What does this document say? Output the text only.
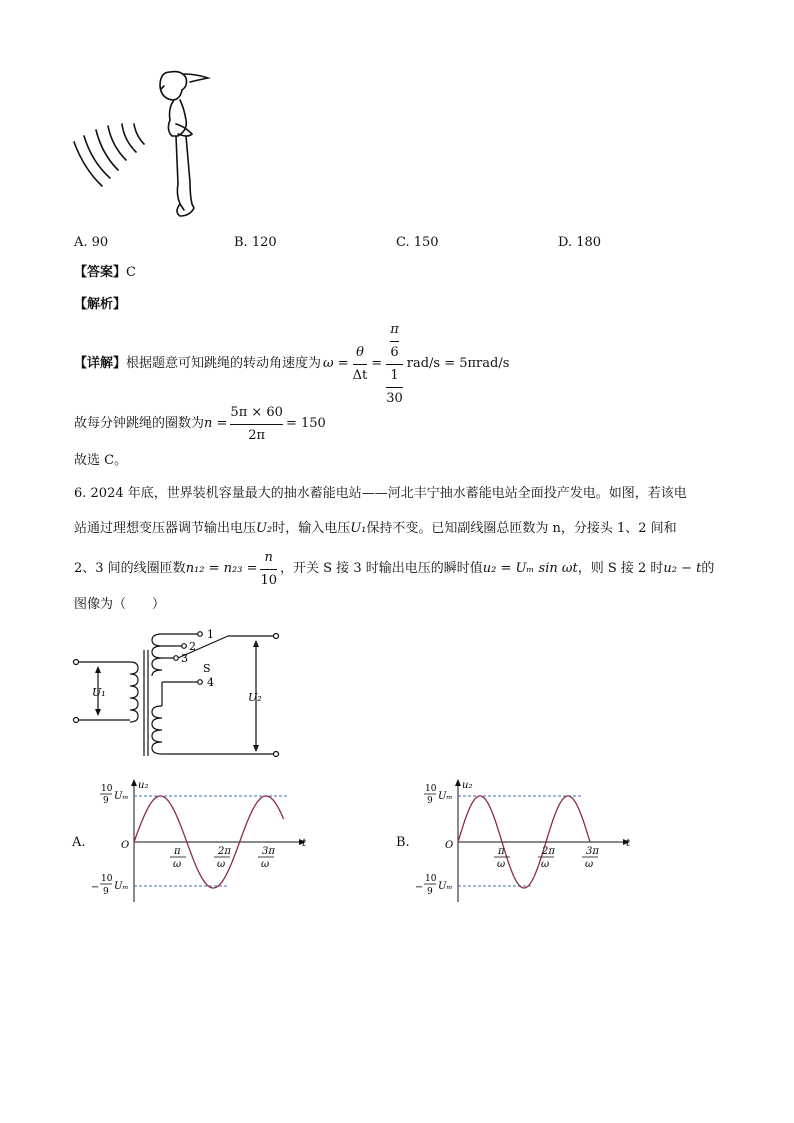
A. 90	B. 120	C. 150	D. 180
【答案】C
【解析】
【详解】 根据题意可知跳绳的转动角速度为 $\omega = \frac{\theta}{\Delta t} = \frac{\frac{\pi}{6}}{\frac{1}{30}} rad/s = 5\pi rad/s$
故每分钟跳绳的圈数为 $n = \frac{5\pi \times 60}{2\pi} = 150$
故选 C。
6. 2024 年底，世界装机容量最大的抽水蓄能电站——河北丰宁抽水蓄能电站全面投产发电。如图，若该电
站通过理想变压器调节输出电压U₂时，输入电压U₁保持不变。已知副线圈总匝数为 n，分接头 1、2 间和
2、3 间的线圈匝数 $n_{12} = n_{23} = \frac{n}{10}$ ，开关 S 接 3 时输出电压的瞬时值 u₂ = Uₘ sin ωt ，则 S 接 2 时 u₂ − t 的
图像为（　　）
1
2
3
4
S
U₁	U₂
A.
u₂
t
O
10
9 Uₘ
−
10
9 Uₘ
π
ω
2π
ω
3π
ω
B.
u₂
t
O
10
9 Uₘ
−
10
9 Uₘ
π
ω
2π
ω
3π
ω
